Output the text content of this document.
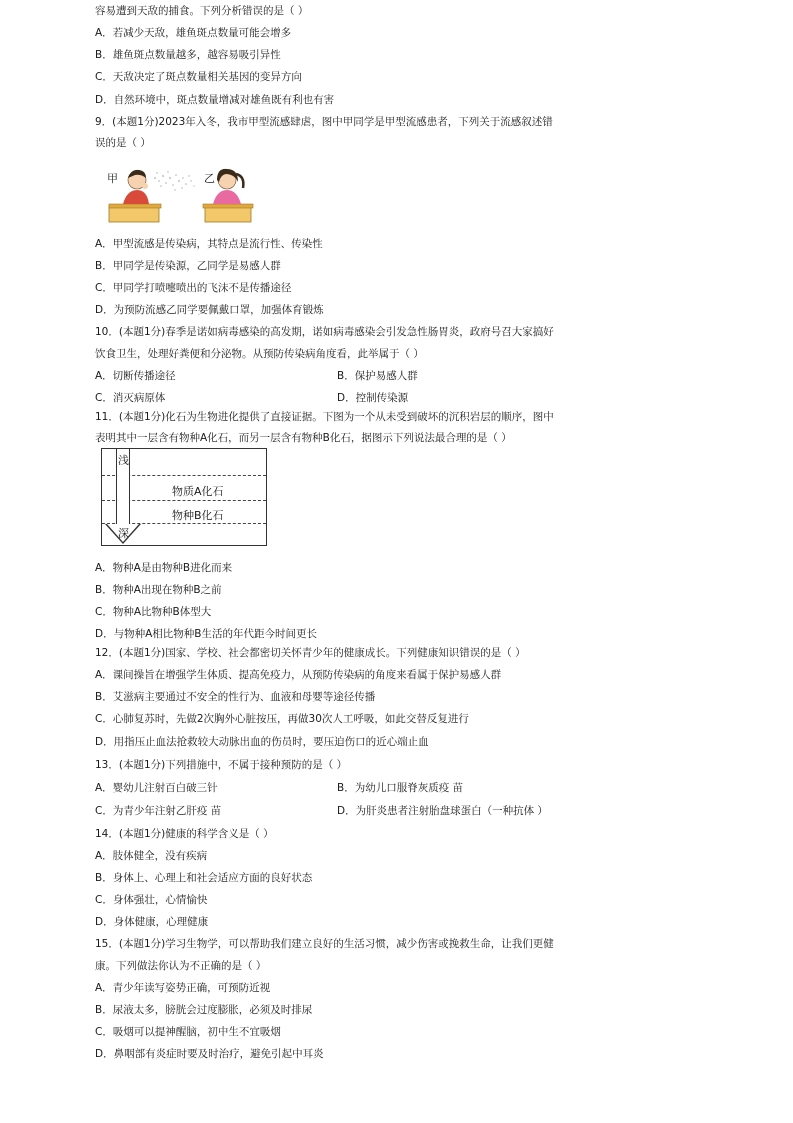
容易遭到天敌的捕食。下列分析错误的是（ ）
A．若减少天敌，雄鱼斑点数量可能会增多
B．雄鱼斑点数量越多，越容易吸引异性
C．天敌决定了斑点数量相关基因的变异方向
D．自然环境中，斑点数量增减对雄鱼既有利也有害
9．(本题1分)2023年入冬，我市甲型流感肆虐，图中甲同学是甲型流感患者，下列关于流感叙述错
误的是（ ）
甲	乙
A．甲型流感是传染病，其特点是流行性、传染性
B．甲同学是传染源，乙同学是易感人群
C．甲同学打喷嚏喷出的飞沫不是传播途径
D．为预防流感乙同学要佩戴口罩，加强体育锻炼
10．(本题1分)春季是诺如病毒感染的高发期，诺如病毒感染会引发急性肠胃炎，政府号召大家搞好
饮食卫生，处理好粪便和分泌物。从预防传染病角度看，此举属于（ ）
A．切断传播途径	B．保护易感人群
C．消灭病原体	D．控制传染源
11．(本题1分)化石为生物进化提供了直接证据。下图为一个从未受到破坏的沉积岩层的顺序，图中
表明其中一层含有物种A化石，而另一层含有物种B化石，据图示下列说法最合理的是（ ）
浅
深
物质A化石
物种B化石
A．物种A是由物种B进化而来
B．物种A出现在物种B之前
C．物种A比物种B体型大
D．与物种A相比物种B生活的年代距今时间更长
12．(本题1分)国家、学校、社会都密切关怀青少年的健康成长。下列健康知识错误的是（ ）
A．课间操旨在增强学生体质、提高免疫力，从预防传染病的角度来看属于保护易感人群
B．艾滋病主要通过不安全的性行为、血液和母婴等途径传播
C．心肺复苏时，先做2次胸外心脏按压，再做30次人工呼吸，如此交替反复进行
D．用指压止血法抢救较大动脉出血的伤员时，要压迫伤口的近心端止血
13．(本题1分)下列措施中，不属于接种预防的是（ ）
A．婴幼儿注射百白破三针	B．为幼儿口服脊灰质疫 苗
C．为青少年注射乙肝疫 苗	D．为肝炎患者注射胎盘球蛋白（一种抗体 ）
14．(本题1分)健康的科学含义是（ ）
A．肢体健全，没有疾病
B．身体上、心理上和社会适应方面的良好状态
C．身体强壮，心情愉快
D．身体健康，心理健康
15．(本题1分)学习生物学，可以帮助我们建立良好的生活习惯，减少伤害或挽救生命，让我们更健
康。下列做法你认为不正确的是（ ）
A．青少年读写姿势正确，可预防近视
B．尿液太多，膀胱会过度膨胀，必须及时排尿
C．吸烟可以提神醒脑，初中生不宜吸烟
D．鼻咽部有炎症时要及时治疗，避免引起中耳炎
